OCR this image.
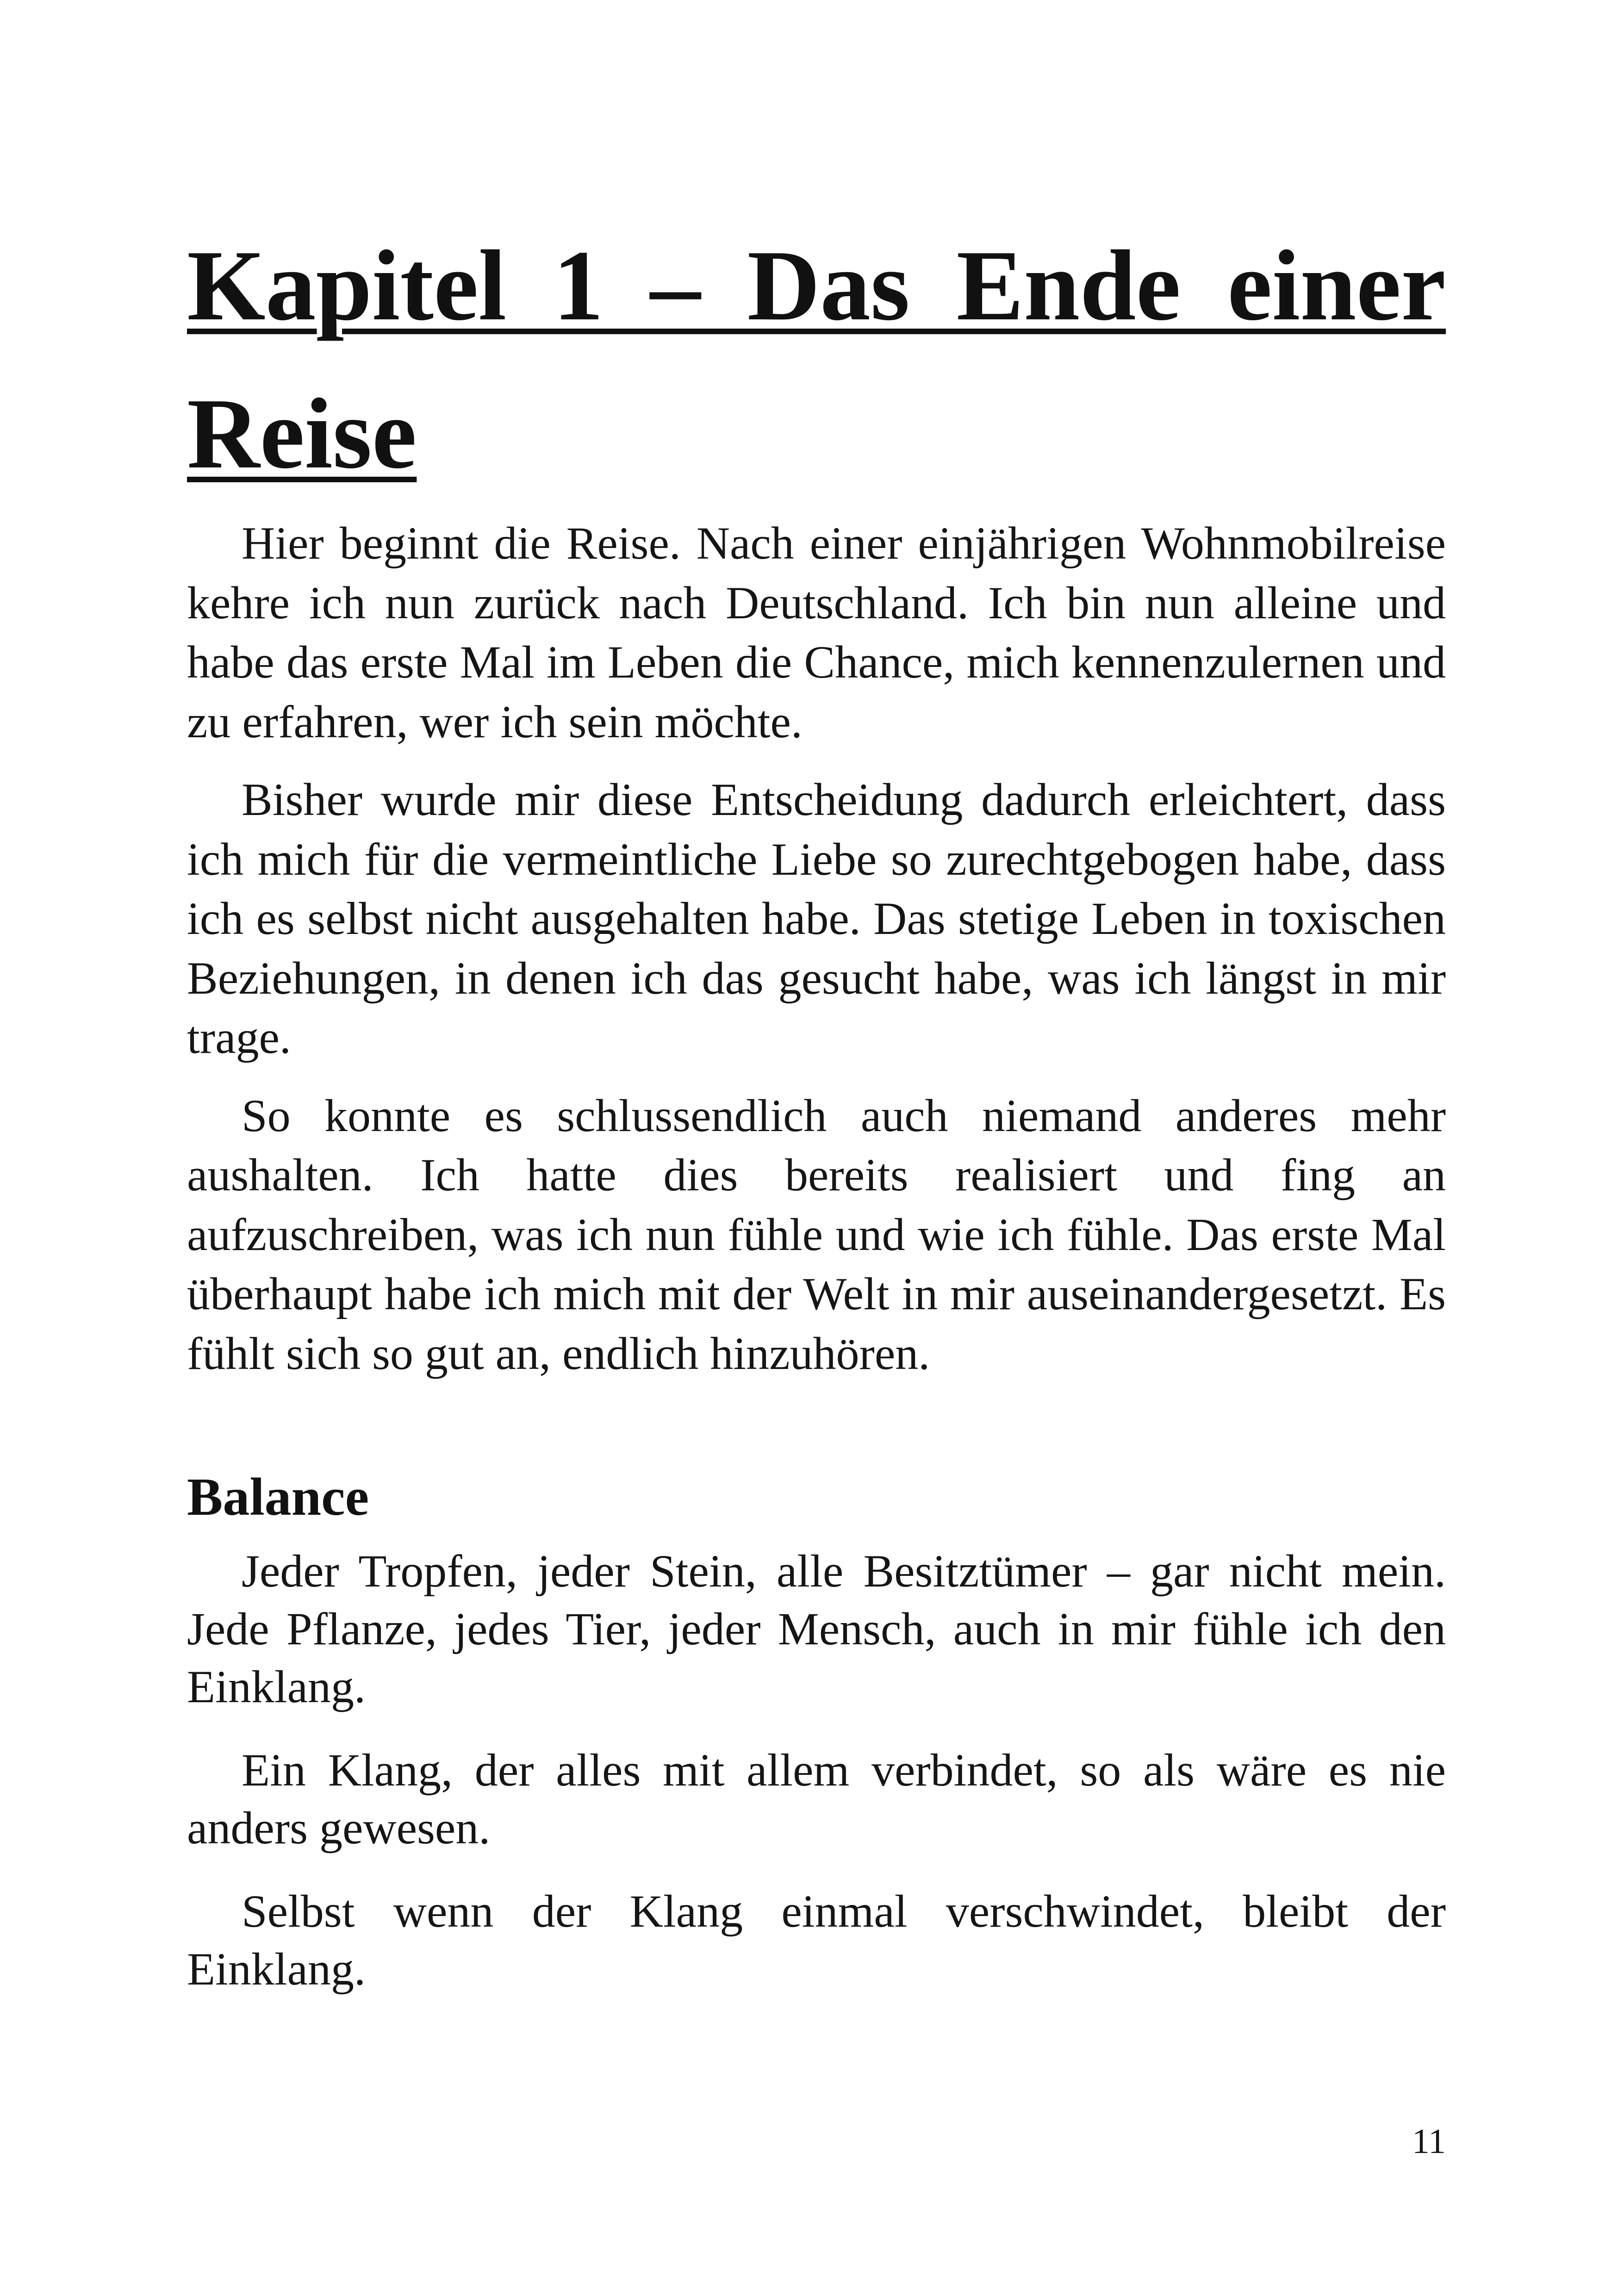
Kapitel 1 – Das Ende einer Reise

Hier beginnt die Reise. Nach einer einjährigen Wohnmobilreise kehre ich nun zurück nach Deutschland. Ich bin nun alleine und habe das erste Mal im Leben die Chance, mich kennenzulernen und zu erfahren, wer ich sein möchte.

Bisher wurde mir diese Entscheidung dadurch erleichtert, dass ich mich für die vermeintliche Liebe so zurechtgebogen habe, dass ich es selbst nicht ausgehalten habe. Das stetige Leben in toxischen Beziehungen, in denen ich das gesucht habe, was ich längst in mir trage.

So konnte es schlussendlich auch niemand anderes mehr aushalten. Ich hatte dies bereits realisiert und fing an aufzuschreiben, was ich nun fühle und wie ich fühle. Das erste Mal überhaupt habe ich mich mit der Welt in mir auseinandergesetzt. Es fühlt sich so gut an, endlich hinzuhören.

Balance

Jeder Tropfen, jeder Stein, alle Besitztümer – gar nicht mein. Jede Pflanze, jedes Tier, jeder Mensch, auch in mir fühle ich den Einklang.

Ein Klang, der alles mit allem verbindet, so als wäre es nie anders gewesen.

Selbst wenn der Klang einmal verschwindet, bleibt der Einklang.

11
